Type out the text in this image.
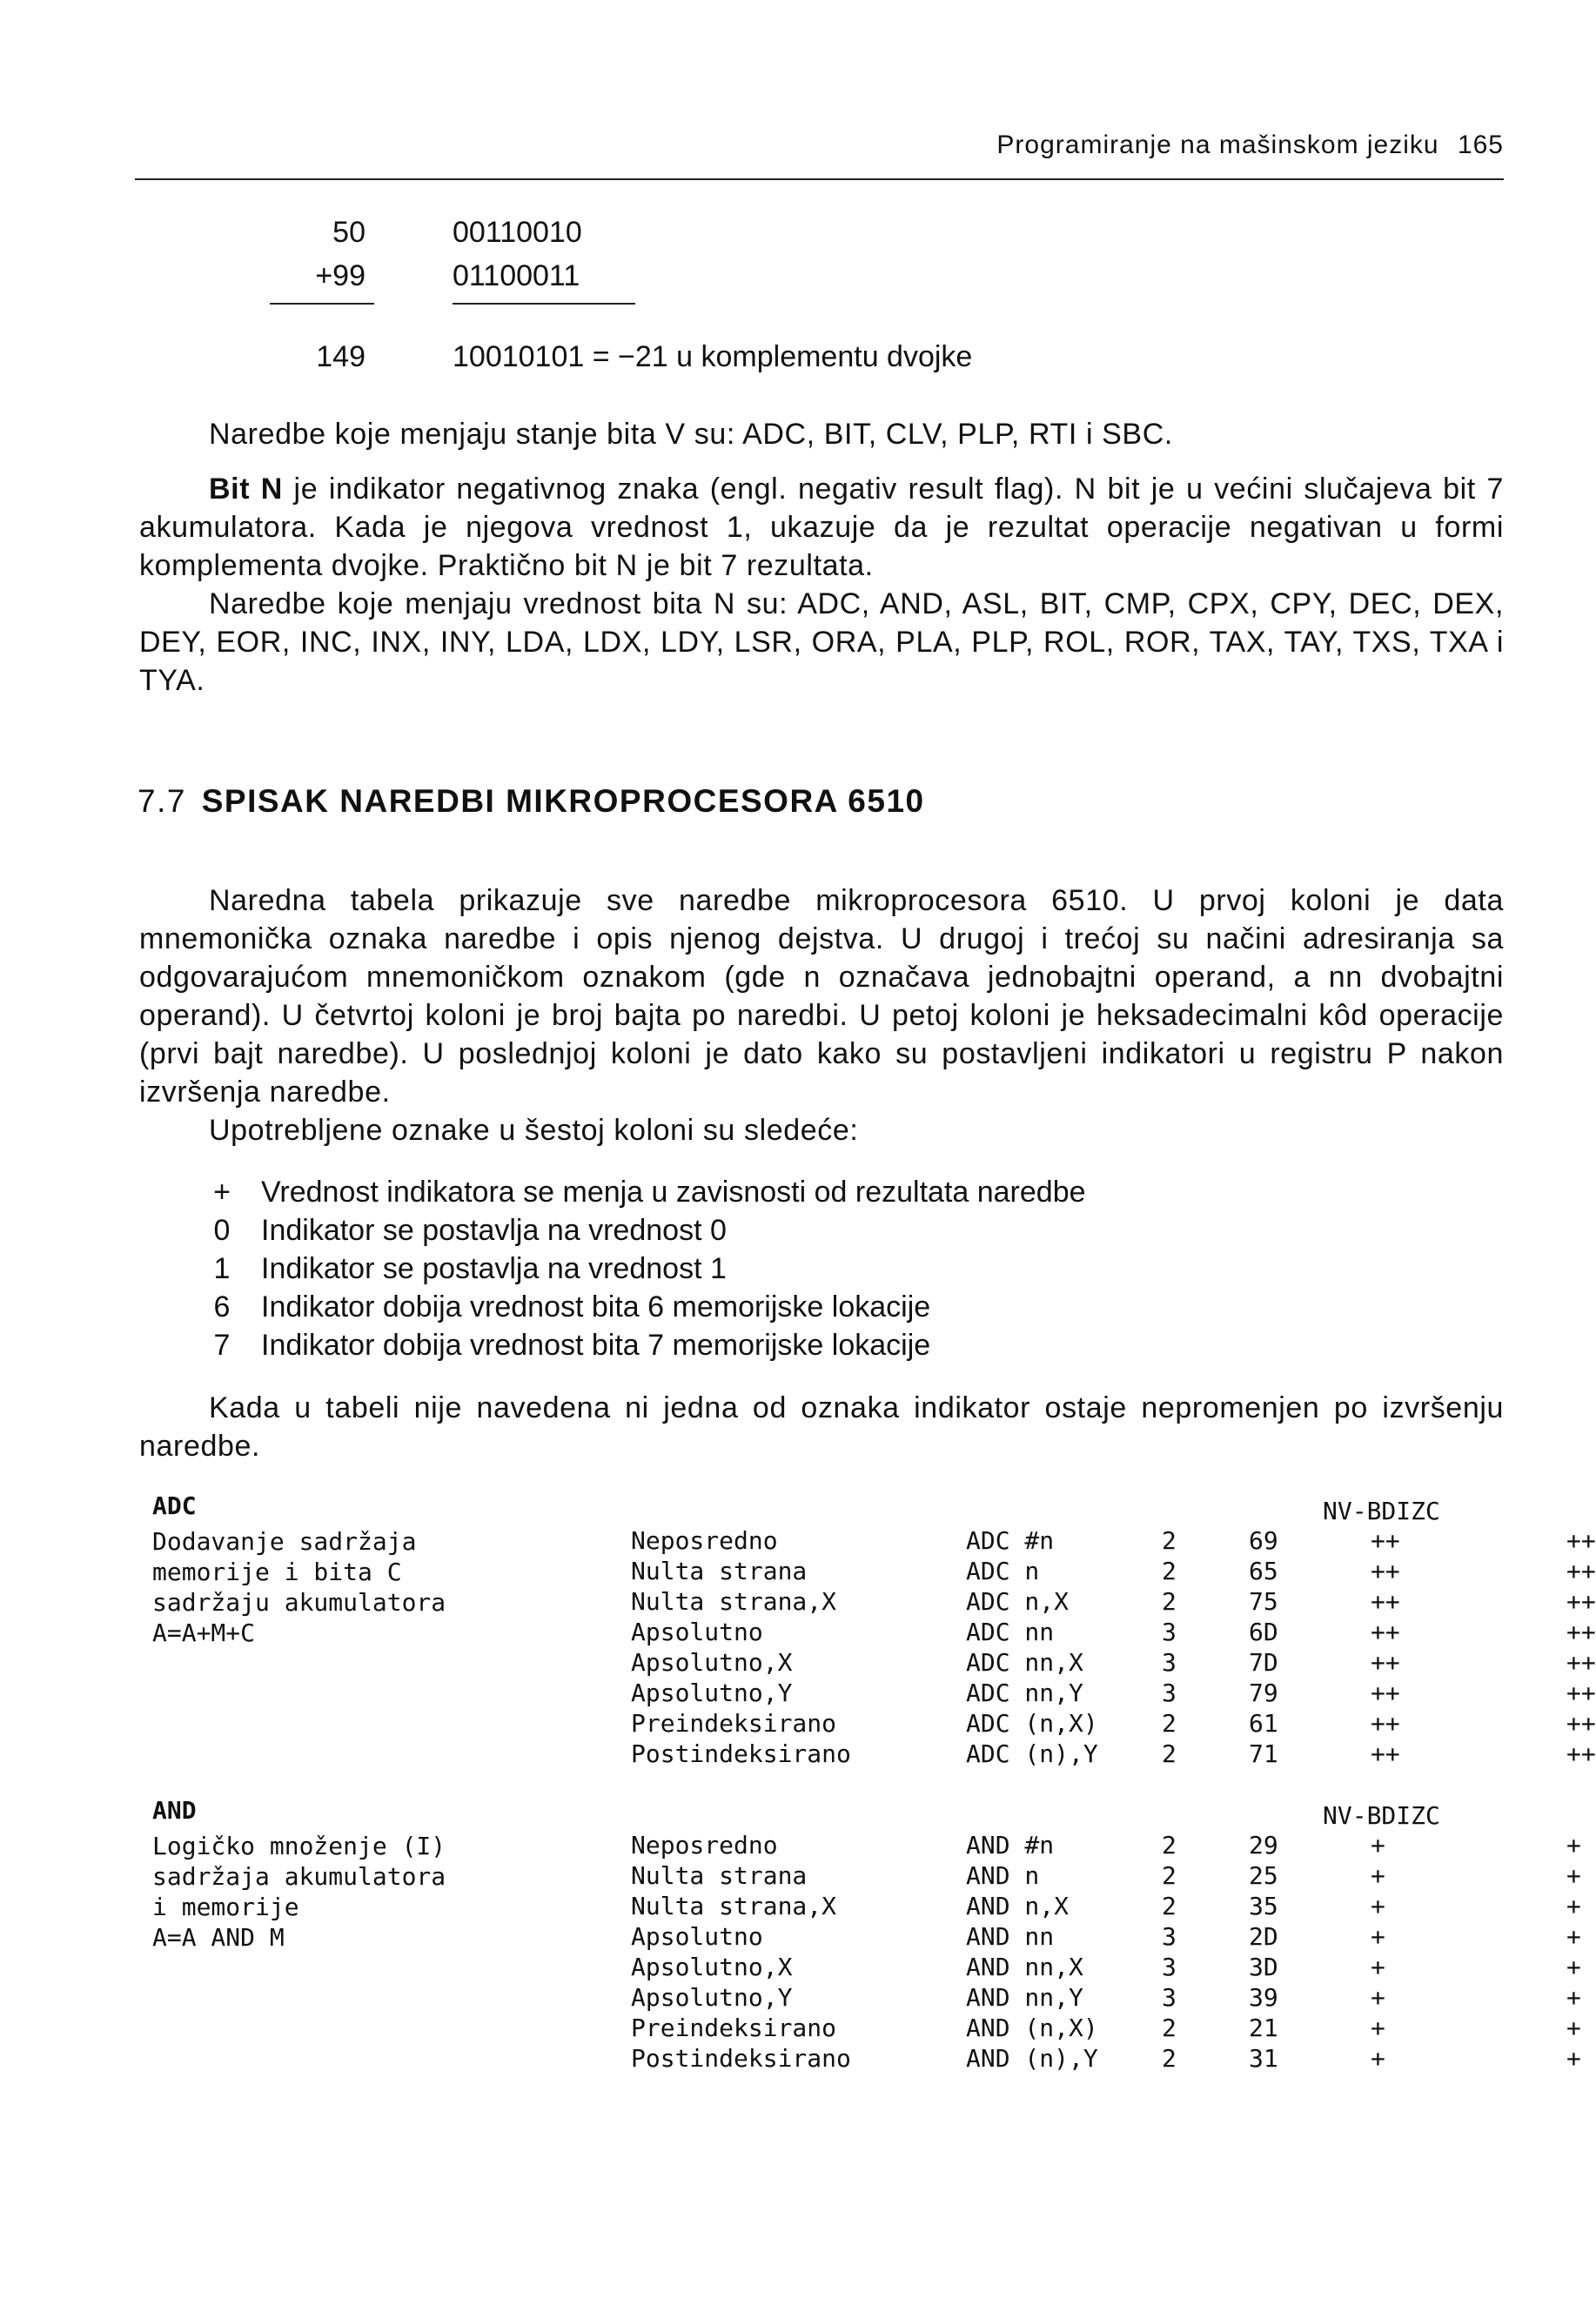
Programiranje na mašinskom jeziku 165
50	00110010
+99	01100011
149	10010101 = −21 u komplementu dvojke

Naredbe koje menjaju stanje bita V su: ADC, BIT, CLV, PLP, RTI i SBC.

Bit N je indikator negativnog znaka (engl. negativ result flag). N bit je u većini slučajeva bit 7 akumulatora. Kada je njegova vrednost 1, ukazuje da je rezultat operacije negativan u formi komplementa dvojke. Praktično bit N je bit 7 rezultata.

Naredbe koje menjaju vrednost bita N su: ADC, AND, ASL, BIT, CMP, CPX, CPY, DEC, DEX, DEY, EOR, INC, INX, INY, LDA, LDX, LDY, LSR, ORA, PLA, PLP, ROL, ROR, TAX, TAY, TXS, TXA i TYA.

7.7 SPISAK NAREDBI MIKROPROCESORA 6510

Naredna tabela prikazuje sve naredbe mikroprocesora 6510. U prvoj koloni je data mnemonička oznaka naredbe i opis njenog dejstva. U drugoj i trećoj su načini adresiranja sa odgovarajućom mnemoničkom oznakom (gde n označava jednobajtni operand, a nn dvobajtni operand). U četvrtoj koloni je broj bajta po naredbi. U petoj koloni je heksadecimalni kôd operacije (prvi bajt naredbe). U poslednjoj koloni je dato kako su postavljeni indikatori u registru P nakon izvršenja naredbe.

Upotrebljene oznake u šestoj koloni su sledeće:

+ Vrednost indikatora se menja u zavisnosti od rezultata naredbe
0 Indikator se postavlja na vrednost 0
1 Indikator se postavlja na vrednost 1
6 Indikator dobija vrednost bita 6 memorijske lokacije
7 Indikator dobija vrednost bita 7 memorijske lokacije

Kada u tabeli nije navedena ni jedna od oznaka indikator ostaje nepromenjen po izvršenju naredbe.

ADC	NV-BDIZC
Dodavanje sadržaja
memorije i bita C
sadržaju akumulatora
A=A+M+C
Neposredno	ADC #n	2	69	++	++
Nulta strana	ADC n	2	65	++	++
Nulta strana,X	ADC n,X	2	75	++	++
Apsolutno	ADC nn	3	6D	++	++
Apsolutno,X	ADC nn,X	3	7D	++	++
Apsolutno,Y	ADC nn,Y	3	79	++	++
Preindeksirano	ADC (n,X)	2	61	++	++
Postindeksirano	ADC (n),Y	2	71	++	++
AND	NV-BDIZC
Logičko množenje (I)
sadržaja akumulatora
i memorije
A=A AND M
Neposredno	AND #n	2	29	+	+
Nulta strana	AND n	2	25	+	+
Nulta strana,X	AND n,X	2	35	+	+
Apsolutno	AND nn	3	2D	+	+
Apsolutno,X	AND nn,X	3	3D	+	+
Apsolutno,Y	AND nn,Y	3	39	+	+
Preindeksirano	AND (n,X)	2	21	+	+
Postindeksirano	AND (n),Y	2	31	+	+
